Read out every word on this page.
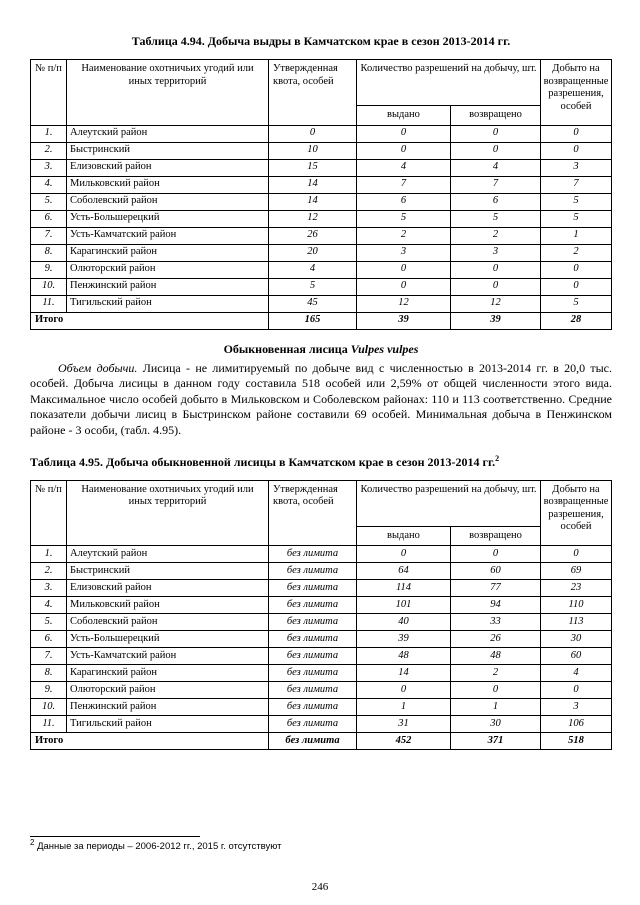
Таблица 4.94. Добыча выдры в Камчатском крае в сезон 2013-2014 гг.
№ п/п	Наименование охотничьих угодий или иных территорий	Утвержденная квота, особей	Количество разрешений на добычу, шт.		Добыто на возвращенные разрешения, особей
			выдано	возвращено	
1.	Алеутский район	0	0	0	0
2.	Быстринский	10	0	0	0
3.	Елизовский район	15	4	4	3
4.	Мильковский район	14	7	7	7
5.	Соболевский район	14	6	6	5
6.	Усть-Большерецкий	12	5	5	5
7.	Усть-Камчатский район	26	2	2	1
8.	Карагинский район	20	3	3	2
9.	Олюторский район	4	0	0	0
10.	Пенжинский район	5	0	0	0
11.	Тигильский район	45	12	12	5
Итого		165	39	39	28
Обыкновенная лисица Vulpes vulpes

Объем добычи. Лисица - не лимитируемый по добыче вид с численностью в 2013-2014 гг. в 20,0 тыс. особей. Добыча лисицы в данном году составила 518 особей или 2,59% от общей численности этого вида. Максимальное число особей добыто в Мильковском и Соболевском районах: 110 и 113 соответственно. Средние показатели добычи лисиц в Быстринском районе составили 69 особей. Минимальная добыча в Пенжинском районе - 3 особи, (табл. 4.95).

Таблица 4.95. Добыча обыкновенной лисицы в Камчатском крае в сезон 2013-2014 гг.$^2$
№ п/п	Наименование охотничьих угодий или иных территорий	Утвержденная квота, особей	Количество разрешений на добычу, шт.		Добыто на возвращенные разрешения, особей
			выдано	возвращено	
1.	Алеутский район	без лимита	0	0	0
2.	Быстринский	без лимита	64	60	69
3.	Елизовский район	без лимита	114	77	23
4.	Мильковский район	без лимита	101	94	110
5.	Соболевский район	без лимита	40	33	113
6.	Усть-Большерецкий	без лимита	39	26	30
7.	Усть-Камчатский район	без лимита	48	48	60
8.	Карагинский район	без лимита	14	2	4
9.	Олюторский район	без лимита	0	0	0
10.	Пенжинский район	без лимита	1	1	3
11.	Тигильский район	без лимита	31	30	106
Итого		без лимита	452	371	518
$^2$ Данные за периоды – 2006-2012 гг., 2015 г. отсутствуют
246
